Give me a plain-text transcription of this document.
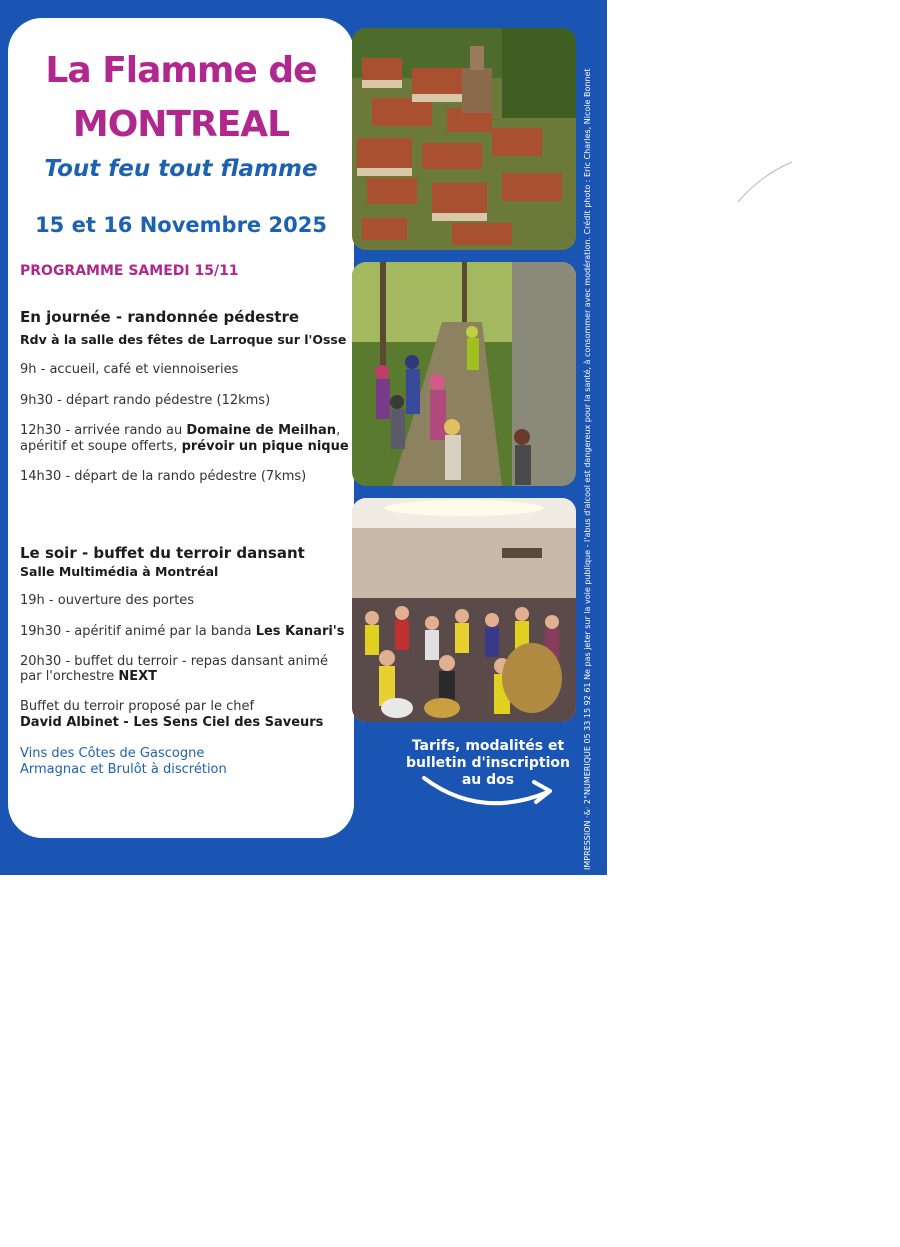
La Flamme de
MONTREAL
Tout feu tout flamme
15 et 16 Novembre 2025
PROGRAMME SAMEDI 15/11
En journée - randonnée pédestre
Rdv à la salle des fêtes de Larroque sur l'Osse
9h - accueil, café et viennoiseries
9h30 - départ rando pédestre (12kms)
12h30 - arrivée rando au Domaine de Meilhan,
apéritif et soupe offerts, prévoir un pique nique
14h30 - départ de la rando pédestre (7kms)
Le soir - buffet du terroir dansant
Salle Multimédia à Montréal
19h - ouverture des portes
19h30 - apéritif animé par la banda Les Kanari's
20h30 - buffet du terroir - repas dansant animé
par l'orchestre NEXT
Buffet du terroir proposé par le chef
David Albinet - Les Sens Ciel des Saveurs
Vins des Côtes de Gascogne
Armagnac et Brulôt à discrétion
Tarifs, modalités et
bulletin d'inscription
au dos	IMPRESSION ·&· 2°NUMERIQUE 05 33 15 92 61 Ne pas jeter sur la voie publique - l'abus d'alcool est dangereux pour la santé, à consommer avec modération. Crédit photo : Eric Charles, Nicole Bonnet
